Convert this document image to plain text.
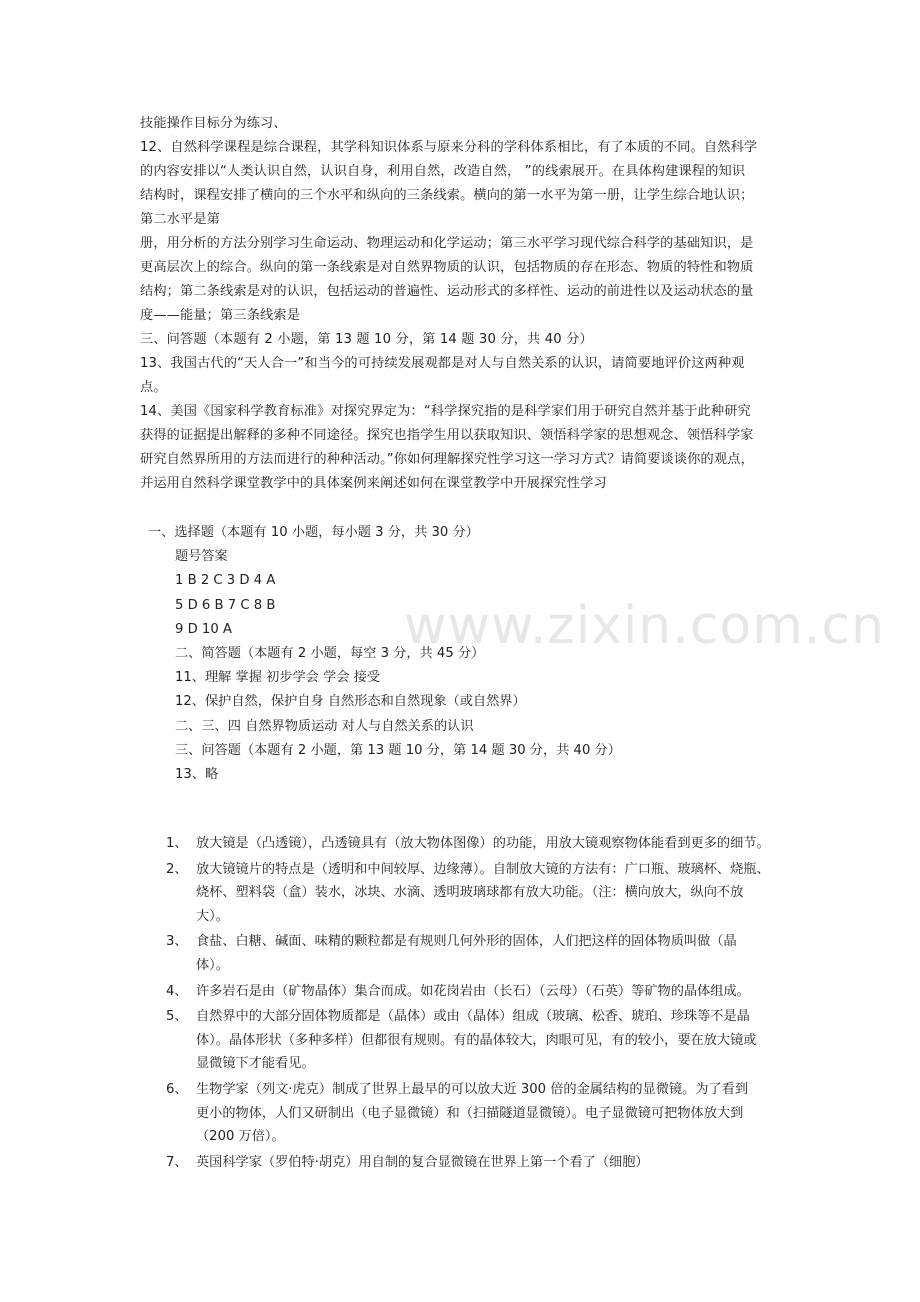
技能操作目标分为练习、
12、自然科学课程是综合课程，其学科知识体系与原来分科的学科体系相比，有了本质的不同。自然科学
的内容安排以“人类认识自然，认识自身，利用自然，改造自然， ”的线索展开。在具体构建课程的知识
结构时，课程安排了横向的三个水平和纵向的三条线索。横向的第一水平为第一册，让学生综合地认识；
第二水平是第
册，用分析的方法分别学习生命运动、物理运动和化学运动；第三水平学习现代综合科学的基础知识，是
更高层次上的综合。纵向的第一条线索是对自然界物质的认识，包括物质的存在形态、物质的特性和物质
结构；第二条线索是对的认识，包括运动的普遍性、运动形式的多样性、运动的前进性以及运动状态的量
度——能量；第三条线索是
三、问答题（本题有 2 小题，第 13 题 10 分，第 14 题 30 分，共 40 分）
13、我国古代的“天人合一”和当今的可持续发展观都是对人与自然关系的认识，请简要地评价这两种观
点。
14、美国《国家科学教育标准》对探究界定为：“科学探究指的是科学家们用于研究自然并基于此种研究
获得的证据提出解释的多种不同途径。探究也指学生用以获取知识、领悟科学家的思想观念、领悟科学家
研究自然界所用的方法而进行的种种活动。”你如何理解探究性学习这一学习方式？请简要谈谈你的观点，
并运用自然科学课堂教学中的具体案例来阐述如何在课堂教学中开展探究性学习
一、选择题（本题有 10 小题，每小题 3 分，共 30 分）
题号答案
1 B 2 C 3 D 4 A
5 D 6 B 7 C 8 B
9 D 10 A
二、简答题（本题有 2 小题，每空 3 分，共 45 分）
11、理解 掌握 初步学会 学会 接受
12、保护自然，保护自身 自然形态和自然现象（或自然界）
二、三、四 自然界物质运动 对人与自然关系的认识
三、问答题（本题有 2 小题，第 13 题 10 分，第 14 题 30 分，共 40 分）
13、略
www.zixin.com.cn
1、 放大镜是（凸透镜），凸透镜具有（放大物体图像）的功能，用放大镜观察物体能看到更多的细节。
2、 放大镜镜片的特点是（透明和中间较厚、边缘薄）。自制放大镜的方法有：广口瓶、玻璃杯、烧瓶、
烧杯、塑料袋（盒）装水，冰块、水滴、透明玻璃球都有放大功能。（注：横向放大，纵向不放
大）。
3、 食盐、白糖、碱面、味精的颗粒都是有规则几何外形的固体，人们把这样的固体物质叫做（晶
体）。
4、 许多岩石是由（矿物晶体）集合而成。如花岗岩由（长石）（云母）（石英）等矿物的晶体组成。
5、 自然界中的大部分固体物质都是（晶体）或由（晶体）组成（玻璃、松香、琥珀、珍珠等不是晶
体）。晶体形状（多种多样）但都很有规则。有的晶体较大，肉眼可见，有的较小，要在放大镜或
显微镜下才能看见。
6、 生物学家（列文·虎克）制成了世界上最早的可以放大近 300 倍的金属结构的显微镜。为了看到
更小的物体，人们又研制出（电子显微镜）和（扫描隧道显微镜）。电子显微镜可把物体放大到
（200 万倍）。
7、 英国科学家（罗伯特·胡克）用自制的复合显微镜在世界上第一个看了（细胞）
